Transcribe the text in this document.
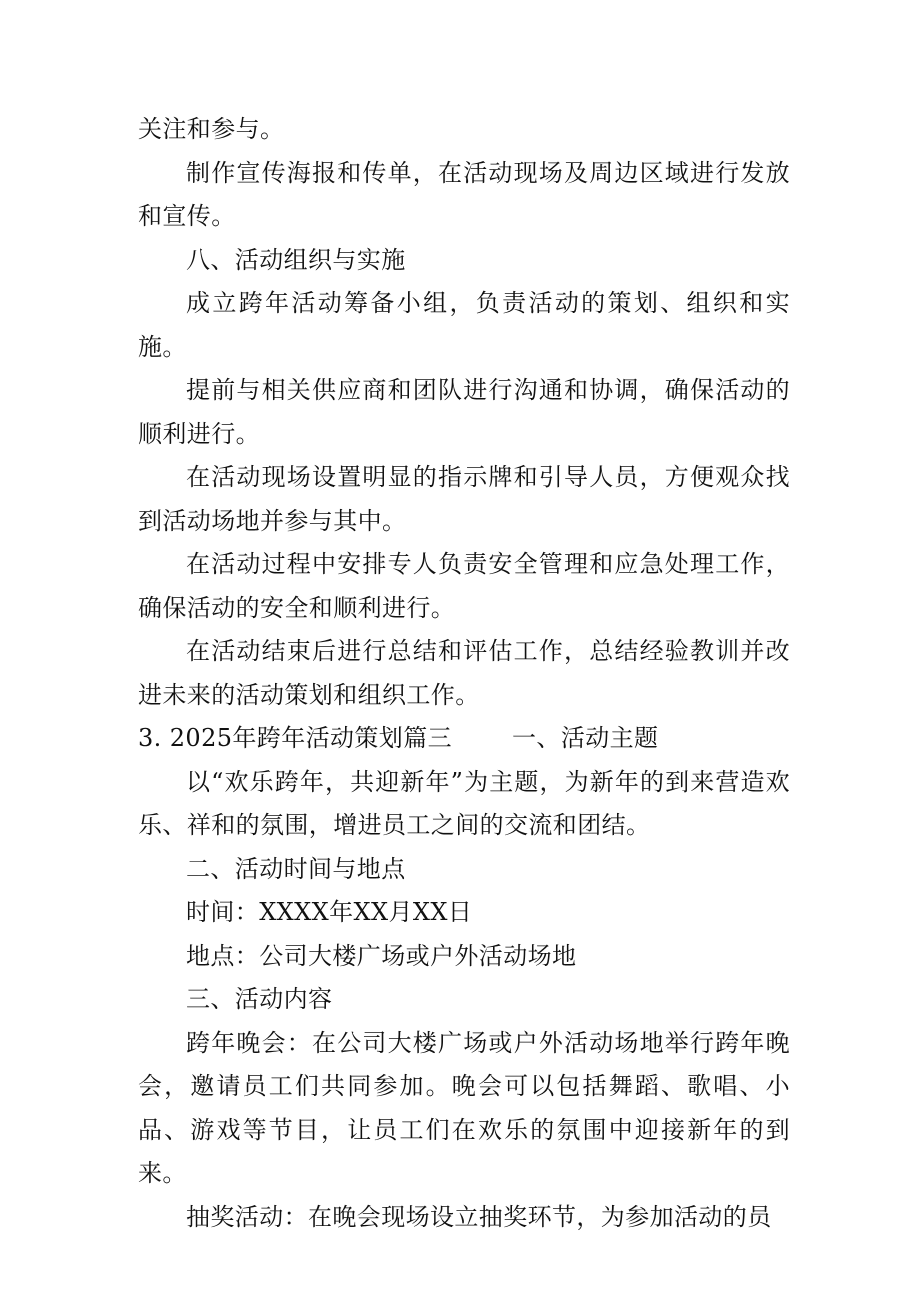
关注和参与。

制作宣传海报和传单，在活动现场及周边区域进行发放和宣传。

八、活动组织与实施

成立跨年活动筹备小组，负责活动的策划、组织和实施。

提前与相关供应商和团队进行沟通和协调，确保活动的顺利进行。

在活动现场设置明显的指示牌和引导人员，方便观众找到活动场地并参与其中。

在活动过程中安排专人负责安全管理和应急处理工作，确保活动的安全和顺利进行。

在活动结束后进行总结和评估工作，总结经验教训并改进未来的活动策划和组织工作。

3. 2025年跨年活动策划篇三	一、活动主题

以“欢乐跨年，共迎新年”为主题，为新年的到来营造欢乐、祥和的氛围，增进员工之间的交流和团结。

二、活动时间与地点

时间：XXXX年XX月XX日

地点：公司大楼广场或户外活动场地

三、活动内容

跨年晚会：在公司大楼广场或户外活动场地举行跨年晚会，邀请员工们共同参加。晚会可以包括舞蹈、歌唱、小品、游戏等节目，让员工们在欢乐的氛围中迎接新年的到来。

抽奖活动：在晚会现场设立抽奖环节，为参加活动的员
